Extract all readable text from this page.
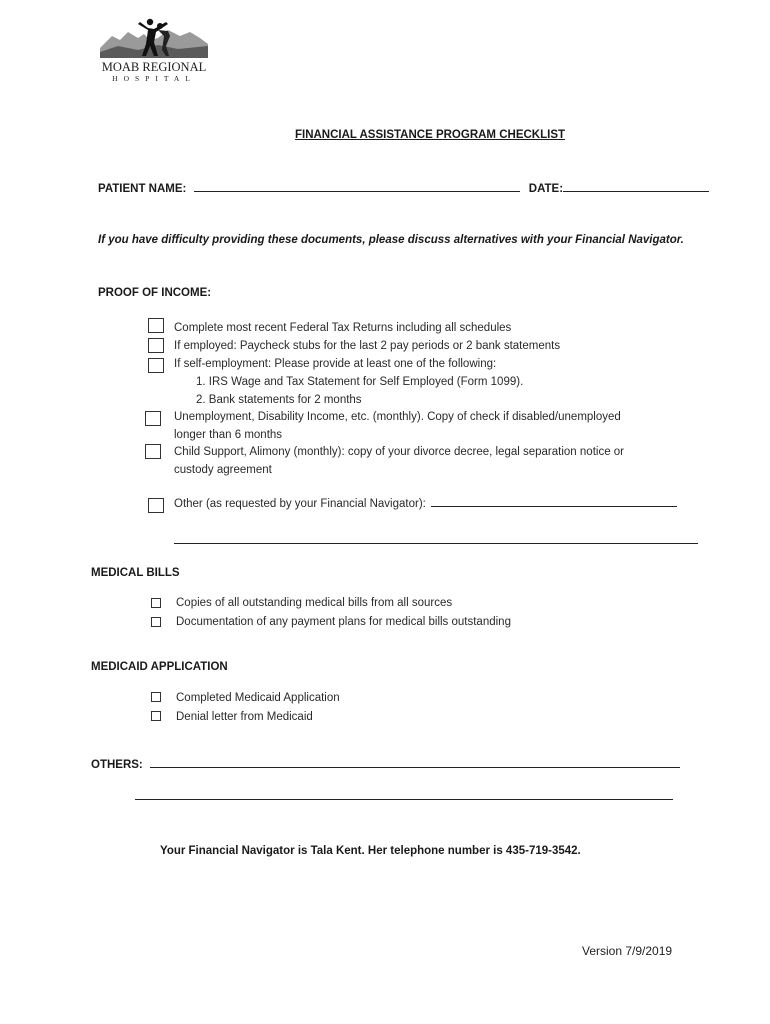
MOAB REGIONAL
HOSPITAL
FINANCIAL ASSISTANCE PROGRAM CHECKLIST
PATIENT NAME:	DATE:
If you have difficulty providing these documents, please discuss alternatives with your Financial Navigator.
PROOF OF INCOME:
Complete most recent Federal Tax Returns including all schedules
If employed: Paycheck stubs for the last 2 pay periods or 2 bank statements
If self-employment: Please provide at least one of the following:
1. IRS Wage and Tax Statement for Self Employed (Form 1099).
2. Bank statements for 2 months
Unemployment, Disability Income, etc. (monthly). Copy of check if disabled/unemployed
longer than 6 months
Child Support, Alimony (monthly): copy of your divorce decree, legal separation notice or
custody agreement
Other (as requested by your Financial Navigator):
MEDICAL BILLS
Copies of all outstanding medical bills from all sources
Documentation of any payment plans for medical bills outstanding
MEDICAID APPLICATION
Completed Medicaid Application
Denial letter from Medicaid
OTHERS:
Your Financial Navigator is Tala Kent. Her telephone number is 435-719-3542.
Version 7/9/2019
